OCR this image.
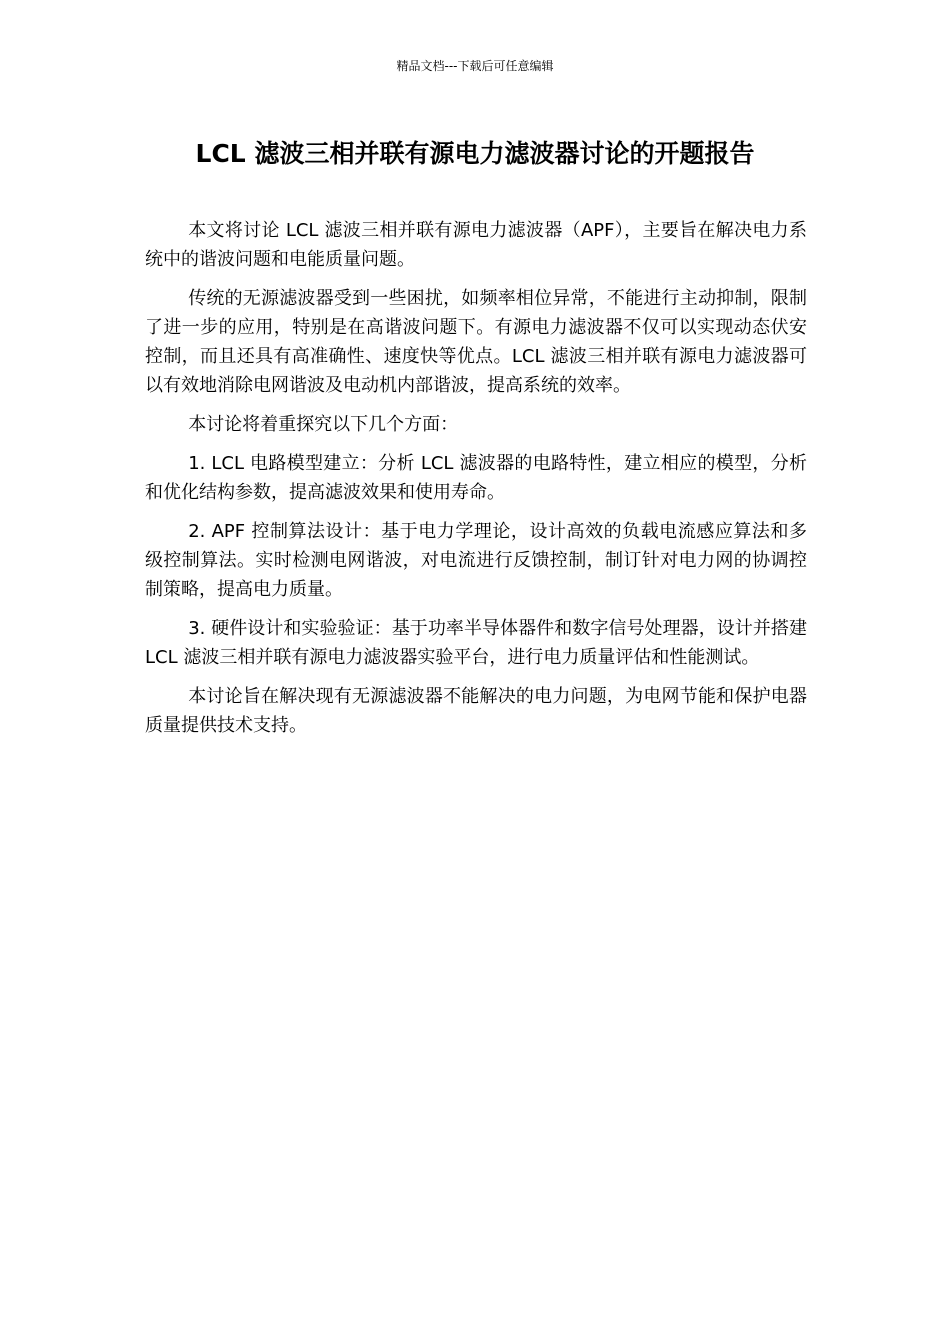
精品文档---下载后可任意编辑
LCL 滤波三相并联有源电力滤波器讨论的开题报告

本文将讨论 LCL 滤波三相并联有源电力滤波器（APF），主要旨在解决电力系统中的谐波问题和电能质量问题。

传统的无源滤波器受到一些困扰，如频率相位异常，不能进行主动抑制，限制了进一步的应用，特别是在高谐波问题下。有源电力滤波器不仅可以实现动态伏安控制，而且还具有高准确性、速度快等优点。LCL 滤波三相并联有源电力滤波器可以有效地消除电网谐波及电动机内部谐波，提高系统的效率。

本讨论将着重探究以下几个方面：

1. LCL 电路模型建立：分析 LCL 滤波器的电路特性，建立相应的模型，分析和优化结构参数，提高滤波效果和使用寿命。

2. APF 控制算法设计：基于电力学理论，设计高效的负载电流感应算法和多级控制算法。实时检测电网谐波，对电流进行反馈控制，制订针对电力网的协调控制策略，提高电力质量。

3. 硬件设计和实验验证：基于功率半导体器件和数字信号处理器，设计并搭建 LCL 滤波三相并联有源电力滤波器实验平台，进行电力质量评估和性能测试。

本讨论旨在解决现有无源滤波器不能解决的电力问题，为电网节能和保护电器质量提供技术支持。
